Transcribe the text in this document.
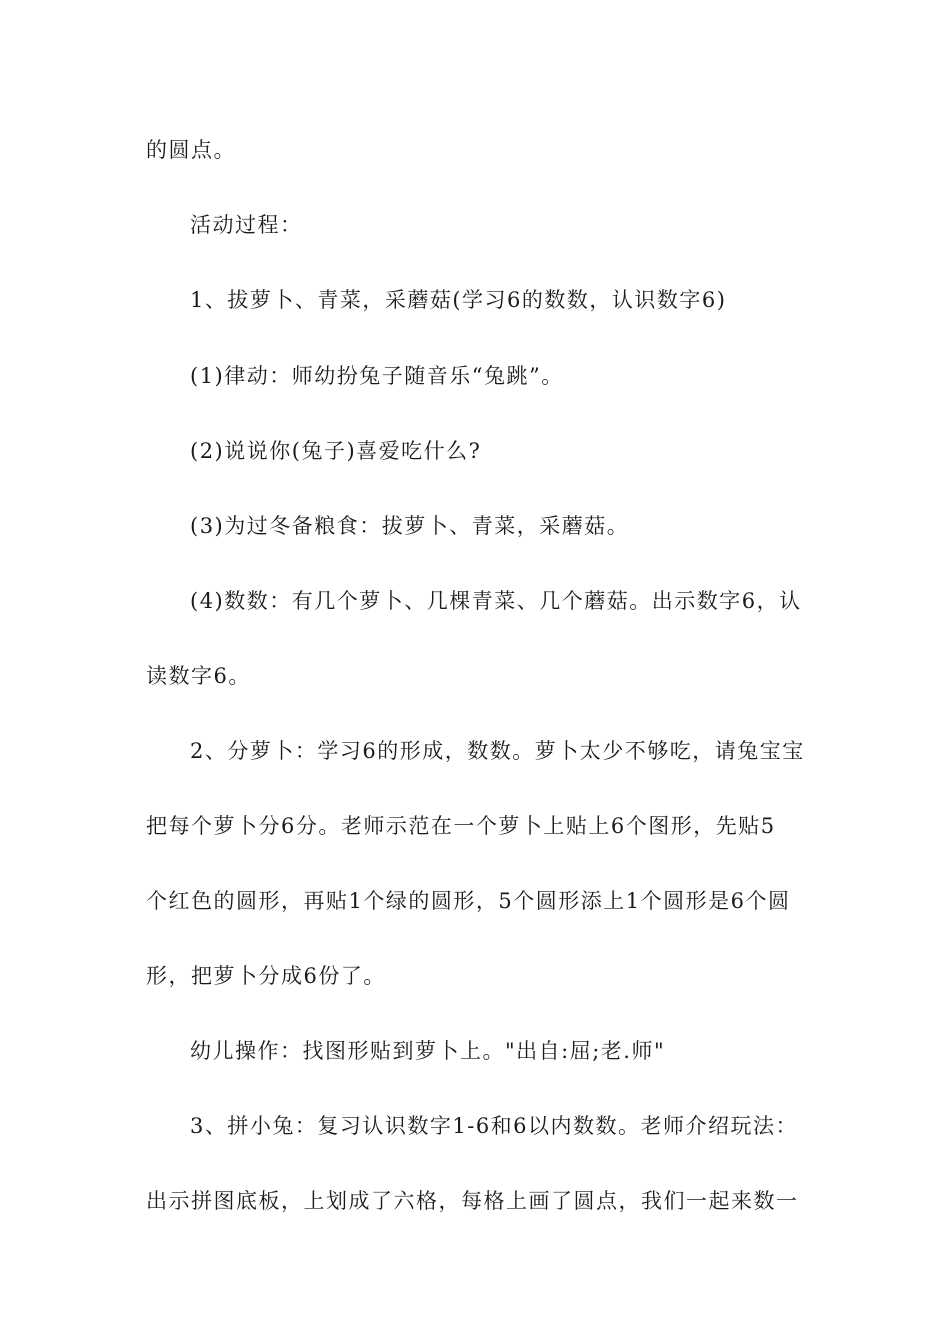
的圆点。
活动过程：
1、拔萝卜、青菜，采蘑菇(学习6的数数，认识数字6)
(1)律动：师幼扮兔子随音乐“兔跳”。
(2)说说你(兔子)喜爱吃什么?
(3)为过冬备粮食：拔萝卜、青菜，采蘑菇。
(4)数数：有几个萝卜、几棵青菜、几个蘑菇。出示数字6，认
读数字6。
2、分萝卜：学习6的形成，数数。萝卜太少不够吃，请兔宝宝
把每个萝卜分6分。老师示范在一个萝卜上贴上6个图形，先贴5
个红色的圆形，再贴1个绿的圆形，5个圆形添上1个圆形是6个圆
形，把萝卜分成6份了。
幼儿操作：找图形贴到萝卜上。"出自:屈;老.师"
3、拼小兔：复习认识数字1-6和6以内数数。老师介绍玩法：
出示拼图底板，上划成了六格，每格上画了圆点，我们一起来数一
